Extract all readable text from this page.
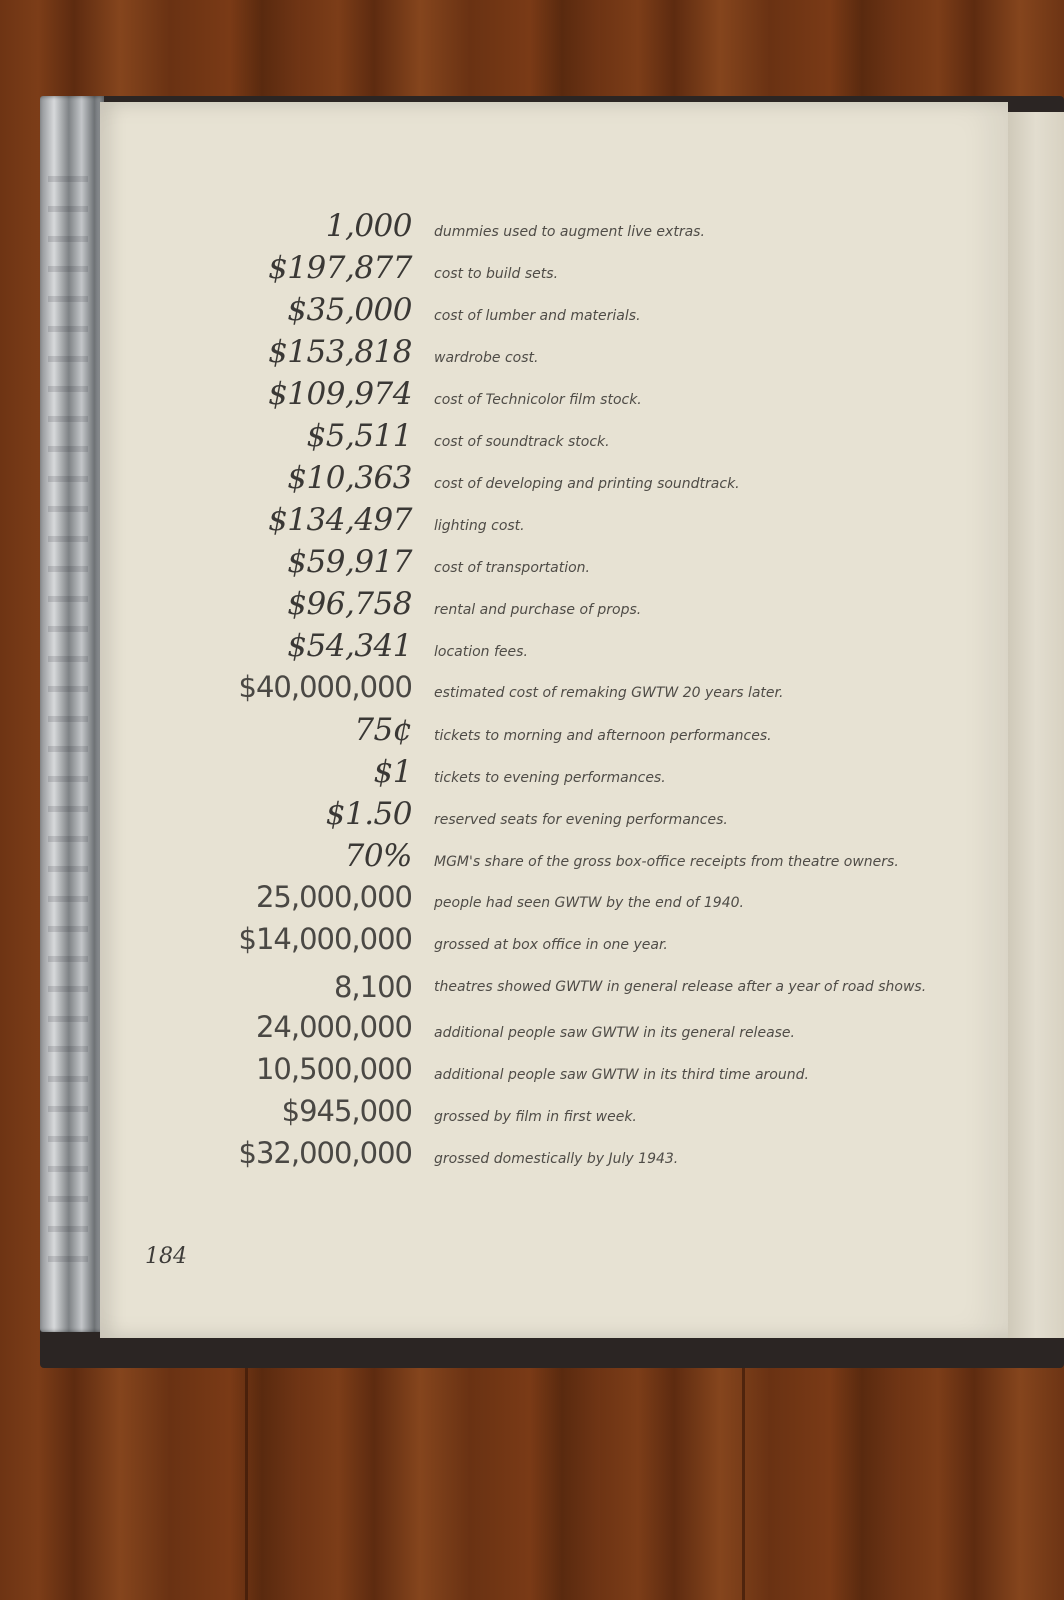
1,000 dummies used to augment live extras.
$197,877 cost to build sets.
$35,000 cost of lumber and materials.
$153,818 wardrobe cost.
$109,974 cost of Technicolor film stock.
$5,511 cost of soundtrack stock.
$10,363 cost of developing and printing soundtrack.
$134,497 lighting cost.
$59,917 cost of transportation.
$96,758 rental and purchase of props.
$54,341 location fees.
$40,000,000 estimated cost of remaking GWTW 20 years later.
75¢ tickets to morning and afternoon performances.
$1 tickets to evening performances.
$1.50 reserved seats for evening performances.
70% MGM's share of the gross box-office receipts from theatre owners.
25,000,000 people had seen GWTW by the end of 1940.
$14,000,000 grossed at box office in one year.
8,100 theatres showed GWTW in general release after a year of road shows.
24,000,000 additional people saw GWTW in its general release.
10,500,000 additional people saw GWTW in its third time around.
$945,000 grossed by film in first week.
$32,000,000 grossed domestically by July 1943.
184
